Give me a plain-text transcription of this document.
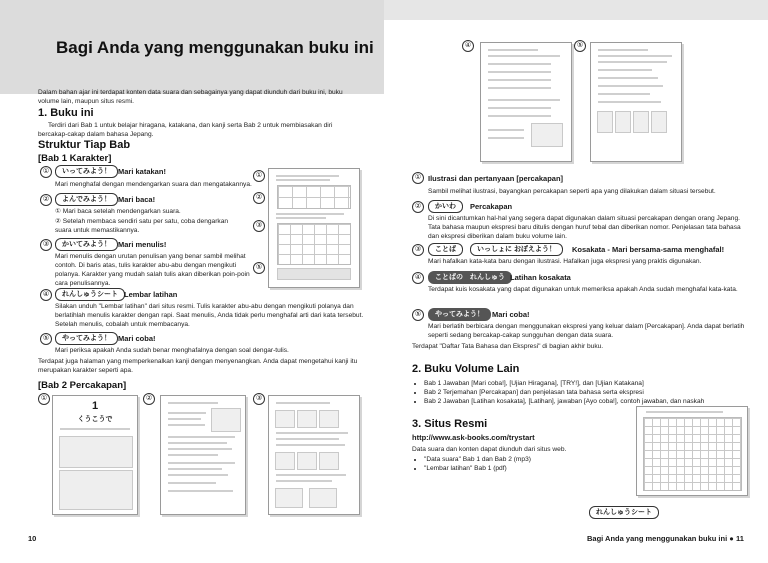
Bagi Anda yang menggunakan buku ini
Dalam bahan ajar ini terdapat konten data suara dan sebagainya yang dapat diunduh dari buku ini, buku volume lain, maupun situs resmi.
1. Buku ini
Terdiri dari Bab 1 untuk belajar hiragana, katakana, dan kanji serta Bab 2 untuk membiasakan diri bercakap-cakap dalam bahasa Jepang.
Struktur Tiap Bab
[Bab 1 Karakter]
①	いってみよう！ Mari katakan!
Mari menghafal dengan mendengarkan suara dan mengatakannya.
②	よんでみよう！ Mari baca!
① Mari baca setelah mendengarkan suara.
② Setelah membaca sendiri satu per satu, coba dengarkan suara untuk memastikannya.
③	かいてみよう！ Mari menulis!
Mari menulis dengan urutan penulisan yang benar sambil melihat contoh. Di baris atas, tulis karakter abu-abu dengan mengikuti polanya. Karakter yang mudah salah tulis akan diberikan poin-poin cara penulisannya.
④	れんしゅうシート Lembar latihan
Silakan unduh "Lembar latihan" dari situs resmi. Tulis karakter abu-abu dengan mengikuti polanya dan berlatihlah menulis karakter dengan rapi. Saat menulis, Anda tidak perlu menghafal arti dari kata tersebut. Setelah menulis, cobalah untuk membacanya.
⑤	やってみよう！ Mari coba!
Mari periksa apakah Anda sudah benar menghafalnya dengan soal dengar-tulis.
Terdapat juga halaman yang memperkenalkan kanji dengan menyenangkan. Anda dapat mengetahui kanji itu merupakan karakter seperti apa.
①
②
③
⑤
[Bab 2 Percakapan]
①
1
くうこうで
②	③
10
④	⑤
① Ilustrasi dan pertanyaan [percakapan]
Sambil melihat ilustrasi, bayangkan percakapan seperti apa yang dilakukan dalam situasi tersebut.
②	かいわ	Percakapan
Di sini dicantumkan hal-hal yang segera dapat digunakan dalam situasi percakapan dengan orang Jepang. Tata bahasa maupun ekspresi baru ditulis dengan huruf tebal dan diberikan nomor. Penjelasan tata bahasa dan ekspresi diberikan dalam buku volume lain.
③	ことば	いっしょに おぼえよう！	Kosakata - Mari bersama-sama menghafal!
Mari hafalkan kata-kata baru dengan ilustrasi. Hafalkan juga ekspresi yang praktis digunakan.
④	ことばの　れんしゅう Latihan kosakata
Terdapat kuis kosakata yang dapat digunakan untuk memeriksa apakah Anda sudah menghafal kata-kata.
⑤	やってみよう！	Mari coba!
Mari berlatih berbicara dengan menggunakan ekspresi yang keluar dalam [Percakapan]. Anda dapat berlatih seperti sedang bercakap-cakap sungguhan dengan data suara.
Terdapat "Daftar Tata Bahasa dan Ekspresi" di bagian akhir buku.
2. Buku Volume Lain
• Bab 1 Jawaban [Mari coba!], [Ujian Hiragana], [TRY!], dan [Ujian Katakana]
• Bab 2 Terjemahan [Percakapan] dan penjelasan tata bahasa serta ekspresi
• Bab 2 Jawaban [Latihan kosakata], [Latihan], jawaban [Ayo coba!], contoh jawaban, dan naskah
3. Situs Resmi
http://www.ask-books.com/trystart
Data suara dan konten dapat diunduh dari situs web.
• "Data suara" Bab 1 dan Bab 2 (mp3)
• "Lembar latihan" Bab 1 (pdf)
れんしゅうシート
Bagi Anda yang menggunakan buku ini ● 11
